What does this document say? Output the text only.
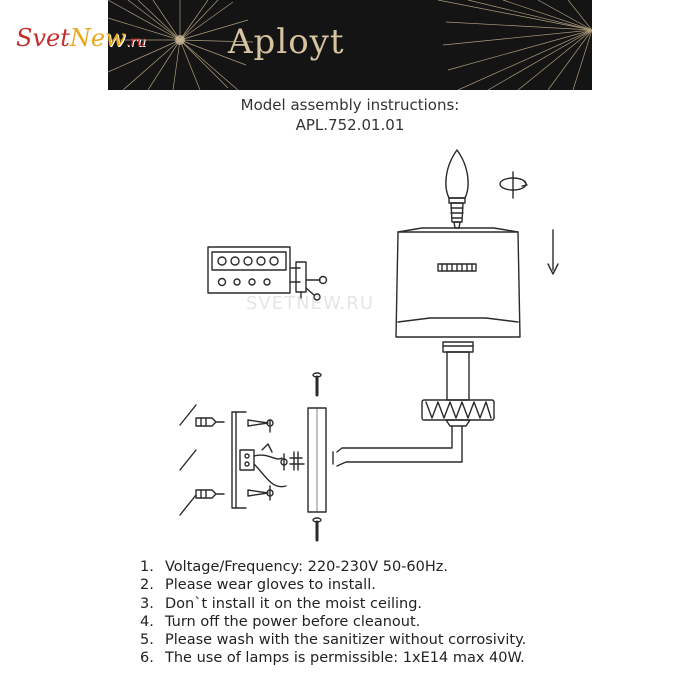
Aployt
SvetNew.ru
Model assembly instructions:
APL.752.01.01
SVETNEW.RU
1. Voltage/Frequency: 220-230V 50-60Hz.
2. Please wear gloves to install.
3. Don`t install it on the moist ceiling.
4. Turn off the power before cleanout.
5. Please wash with the sanitizer without corrosivity.
6. The use of lamps is permissible: 1xE14 max 40W.
